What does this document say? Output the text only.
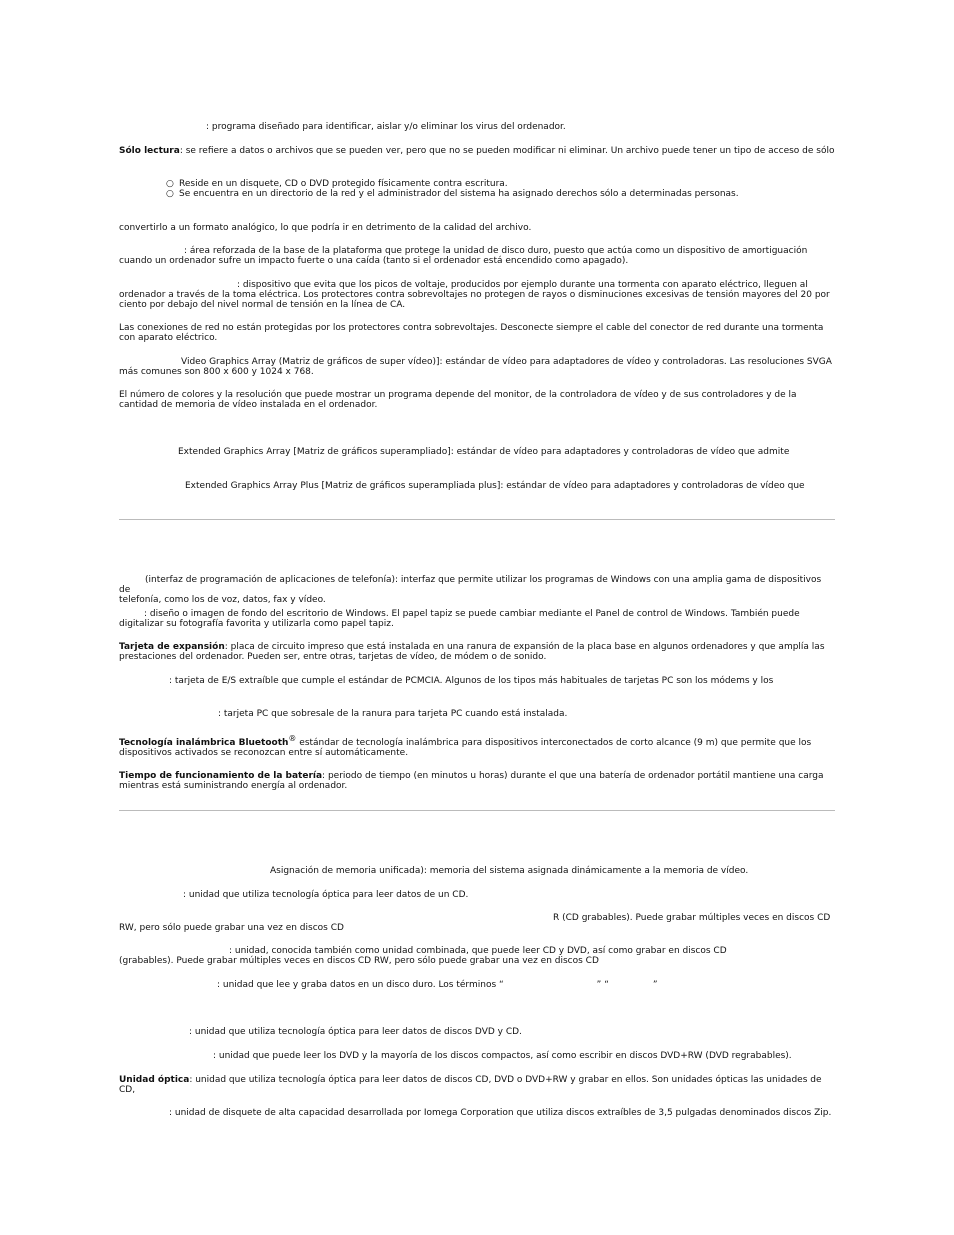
: programa diseñado para identificar, aislar y/o eliminar los virus del ordenador.

Sólo lectura: se refiere a datos o archivos que se pueden ver, pero que no se pueden modificar ni eliminar. Un archivo puede tener un tipo de acceso de sólo

○ Reside en un disquete, CD o DVD protegido físicamente contra escritura.
○ Se encuentra en un directorio de la red y el administrador del sistema ha asignado derechos sólo a determinadas personas.

convertirlo a un formato analógico, lo que podría ir en detrimento de la calidad del archivo.

: área reforzada de la base de la plataforma que protege la unidad de disco duro, puesto que actúa como un dispositivo de amortiguación
cuando un ordenador sufre un impacto fuerte o una caída (tanto si el ordenador está encendido como apagado).

: dispositivo que evita que los picos de voltaje, producidos por ejemplo durante una tormenta con aparato eléctrico, lleguen al
ordenador a través de la toma eléctrica. Los protectores contra sobrevoltajes no protegen de rayos o disminuciones excesivas de tensión mayores del 20 por ciento por debajo del nivel normal de tensión en la línea de CA.

Las conexiones de red no están protegidas por los protectores contra sobrevoltajes. Desconecte siempre el cable del conector de red durante una tormenta con aparato eléctrico.

Video Graphics Array (Matriz de gráficos de super vídeo)]: estándar de vídeo para adaptadores de vídeo y controladoras. Las resoluciones SVGA
más comunes son 800 x 600 y 1024 x 768.

El número de colores y la resolución que puede mostrar un programa depende del monitor, de la controladora de vídeo y de sus controladores y de la cantidad de memoria de vídeo instalada en el ordenador.

Extended Graphics Array [Matriz de gráficos superampliado]: estándar de vídeo para adaptadores y controladoras de vídeo que admite

Extended Graphics Array Plus [Matriz de gráficos superampliada plus]: estándar de vídeo para adaptadores y controladoras de vídeo que

(interfaz de programación de aplicaciones de telefonía): interfaz que permite utilizar los programas de Windows con una amplia gama de dispositivos de
telefonía, como los de voz, datos, fax y vídeo.

: diseño o imagen de fondo del escritorio de Windows. El papel tapiz se puede cambiar mediante el Panel de control de Windows. También puede
digitalizar su fotografía favorita y utilizarla como papel tapiz.

Tarjeta de expansión: placa de circuito impreso que está instalada en una ranura de expansión de la placa base en algunos ordenadores y que amplía las prestaciones del ordenador. Pueden ser, entre otras, tarjetas de vídeo, de módem o de sonido.

: tarjeta de E/S extraíble que cumple el estándar de PCMCIA. Algunos de los tipos más habituales de tarjetas PC son los módems y los

: tarjeta PC que sobresale de la ranura para tarjeta PC cuando está instalada.

Tecnología inalámbrica Bluetooth® estándar de tecnología inalámbrica para dispositivos interconectados de corto alcance (9 m) que permite que los dispositivos activados se reconozcan entre sí automáticamente.

Tiempo de funcionamiento de la batería: periodo de tiempo (en minutos u horas) durante el que una batería de ordenador portátil mantiene una carga mientras está suministrando energía al ordenador.

Asignación de memoria unificada): memoria del sistema asignada dinámicamente a la memoria de vídeo.

: unidad que utiliza tecnología óptica para leer datos de un CD.

R (CD grabables). Puede grabar múltiples veces en discos CD
RW, pero sólo puede grabar una vez en discos CD

: unidad, conocida también como unidad combinada, que puede leer CD y DVD, así como grabar en discos CD
(grabables). Puede grabar múltiples veces en discos CD RW, pero sólo puede grabar una vez en discos CD

: unidad que lee y graba datos en un disco duro. Los términos “	” “	”

: unidad que utiliza tecnología óptica para leer datos de discos DVD y CD.

: unidad que puede leer los DVD y la mayoría de los discos compactos, así como escribir en discos DVD+RW (DVD regrabables).

Unidad óptica: unidad que utiliza tecnología óptica para leer datos de discos CD, DVD o DVD+RW y grabar en ellos. Son unidades ópticas las unidades de CD,

: unidad de disquete de alta capacidad desarrollada por Iomega Corporation que utiliza discos extraíbles de 3,5 pulgadas denominados discos Zip.
